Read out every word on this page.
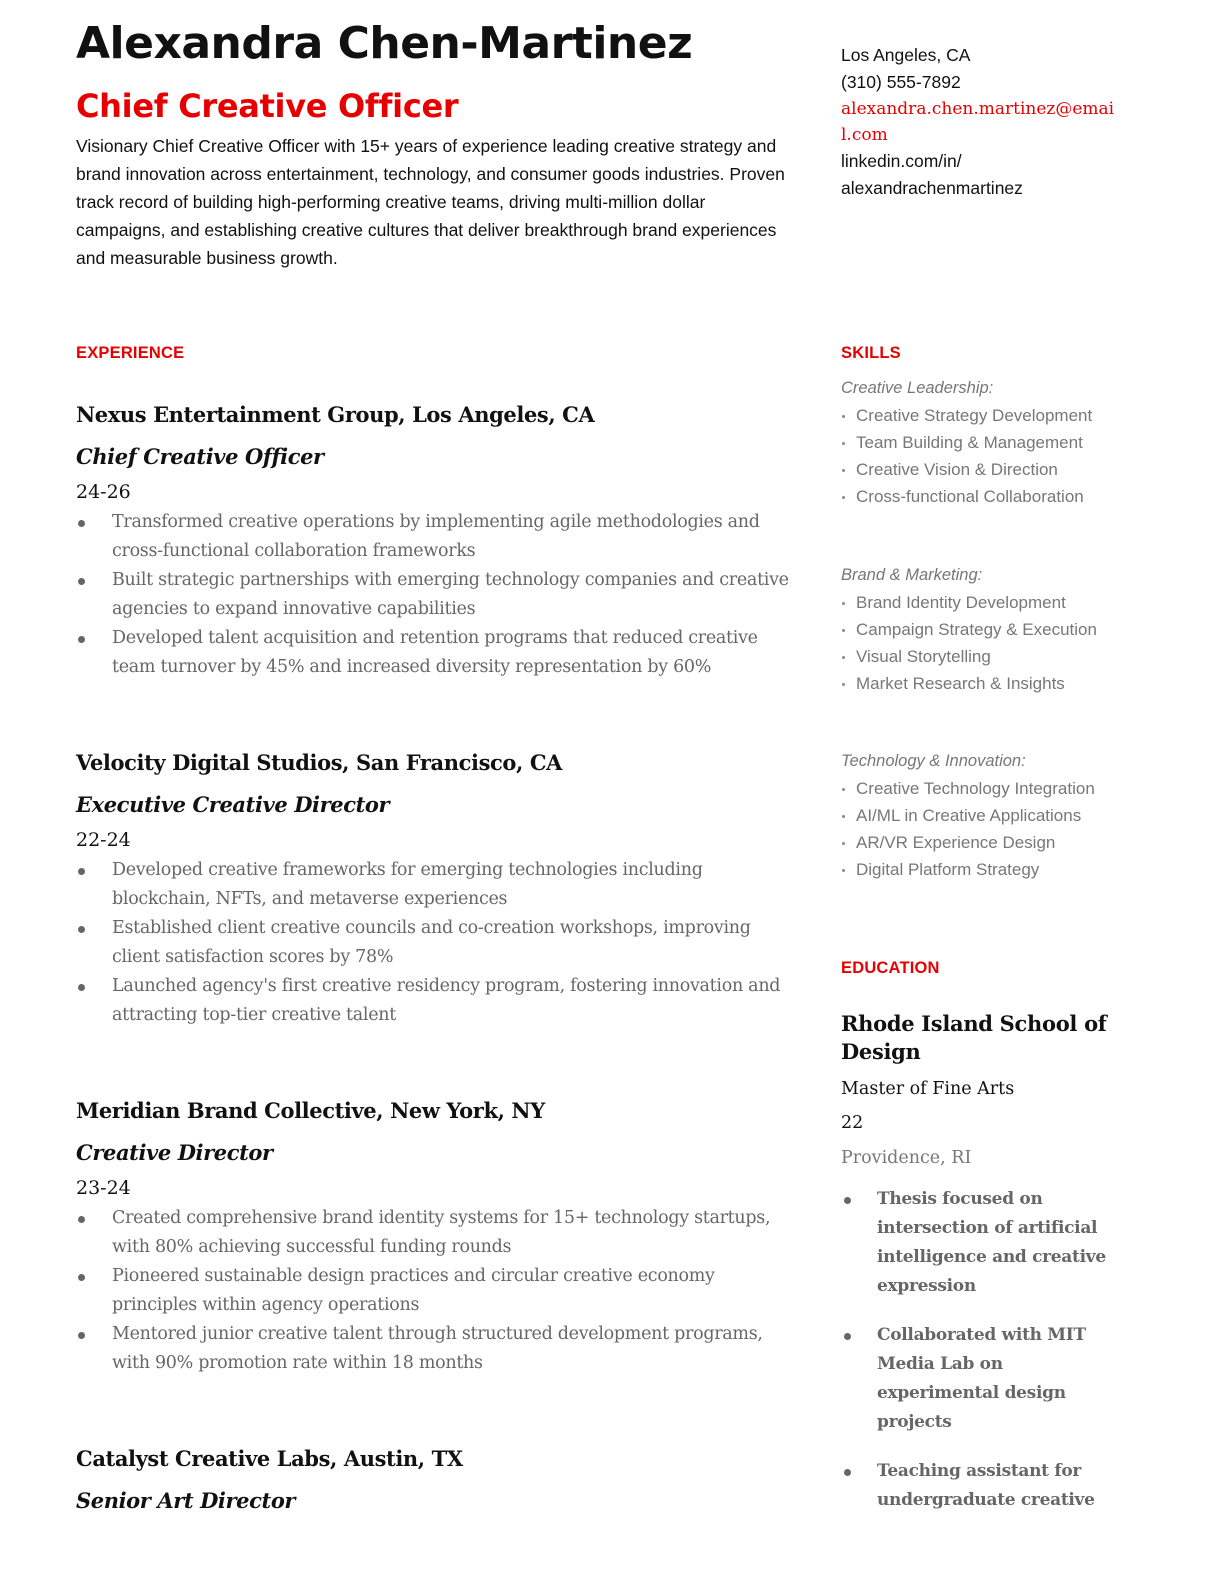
Alexandra Chen-Martinez
Chief Creative Officer

Visionary Chief Creative Officer with 15+ years of experience leading creative strategy and brand innovation across entertainment, technology, and consumer goods industries. Proven track record of building high-performing creative teams, driving multi-million dollar campaigns, and establishing creative cultures that deliver breakthrough brand experiences and measurable business growth.

EXPERIENCE
Nexus Entertainment Group, Los Angeles, CA
Chief Creative Officer
24-26
Transformed creative operations by implementing agile methodologies and cross-functional collaboration frameworks
Built strategic partnerships with emerging technology companies and creative agencies to expand innovative capabilities
Developed talent acquisition and retention programs that reduced creative team turnover by 45% and increased diversity representation by 60%
Velocity Digital Studios, San Francisco, CA
Executive Creative Director
22-24
Developed creative frameworks for emerging technologies including blockchain, NFTs, and metaverse experiences
Established client creative councils and co-creation workshops, improving client satisfaction scores by 78%
Launched agency's first creative residency program, fostering innovation and attracting top-tier creative talent
Meridian Brand Collective, New York, NY
Creative Director
23-24
Created comprehensive brand identity systems for 15+ technology startups, with 80% achieving successful funding rounds
Pioneered sustainable design practices and circular creative economy principles within agency operations
Mentored junior creative talent through structured development programs, with 90% promotion rate within 18 months
Catalyst Creative Labs, Austin, TX
Senior Art Director
Los Angeles, CA
(310) 555-7892
alexandra.chen.martinez@email.com
linkedin.com/in/
alexandrachenmartinez
SKILLS
Creative Leadership:
Creative Strategy Development
Team Building & Management
Creative Vision & Direction
Cross-functional Collaboration
Brand & Marketing:
Brand Identity Development
Campaign Strategy & Execution
Visual Storytelling
Market Research & Insights
Technology & Innovation:
Creative Technology Integration
AI/ML in Creative Applications
AR/VR Experience Design
Digital Platform Strategy
EDUCATION
Rhode Island School of Design
Master of Fine Arts
22
Providence, RI
Thesis focused on intersection of artificial intelligence and creative expression
Collaborated with MIT Media Lab on experimental design projects
Teaching assistant for undergraduate creative
